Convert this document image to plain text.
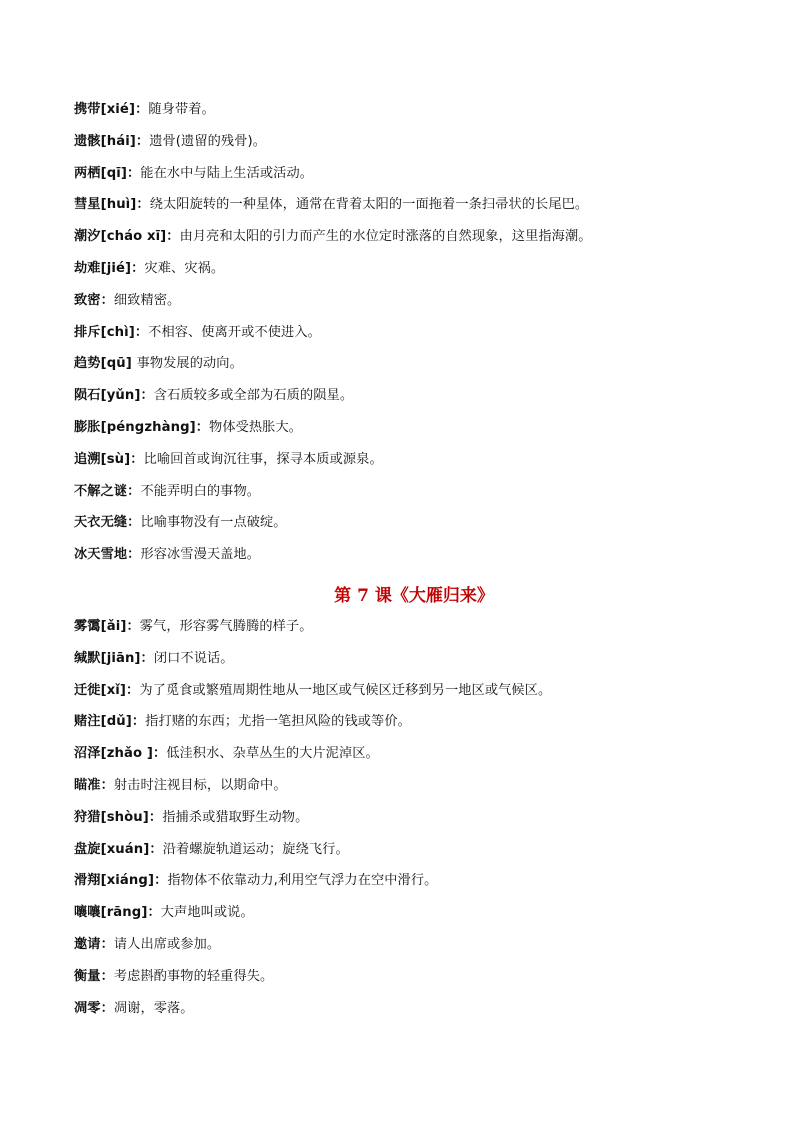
携带[xié]：随身带着。
遗骸[hái]：遗骨(遗留的残骨)。
两栖[qī]：能在水中与陆上生活或活动。
彗星[huì]：绕太阳旋转的一种星体，通常在背着太阳的一面拖着一条扫帚状的长尾巴。
潮汐[cháo xī]：由月亮和太阳的引力而产生的水位定时涨落的自然现象，这里指海潮。
劫难[jié]：灾难、灾祸。
致密：细致精密。
排斥[chì]：不相容、使离开或不使进入。
趋势[qū] 事物发展的动向。
陨石[yǔn]：含石质较多或全部为石质的陨星。
膨胀[péngzhàng]：物体受热胀大。
追溯[sù]：比喻回首或询沉往事，探寻本质或源泉。
不解之谜：不能弄明白的事物。
天衣无缝：比喻事物没有一点破绽。
冰天雪地：形容冰雪漫天盖地。
第 7 课《大雁归来》
雾霭[ǎi]：雾气，形容雾气腾腾的样子。
缄默[jiān]：闭口不说话。
迁徙[xǐ]：为了觅食或繁殖周期性地从一地区或气候区迁移到另一地区或气候区。
赌注[dǔ]：指打赌的东西；尤指一笔担风险的钱或等价。
沼泽[zhǎo ]：低洼积水、杂草丛生的大片泥淖区。
瞄准：射击时注视目标，以期命中。
狩猎[shòu]：指捕杀或猎取野生动物。
盘旋[xuán]：沿着螺旋轨道运动；旋绕飞行。
滑翔[xiáng]：指物体不依靠动力,利用空气浮力在空中滑行。
嚷嚷[rāng]：大声地叫或说。
邀请：请人出席或参加。
衡量：考虑斟酌事物的轻重得失。
凋零：凋谢，零落。
